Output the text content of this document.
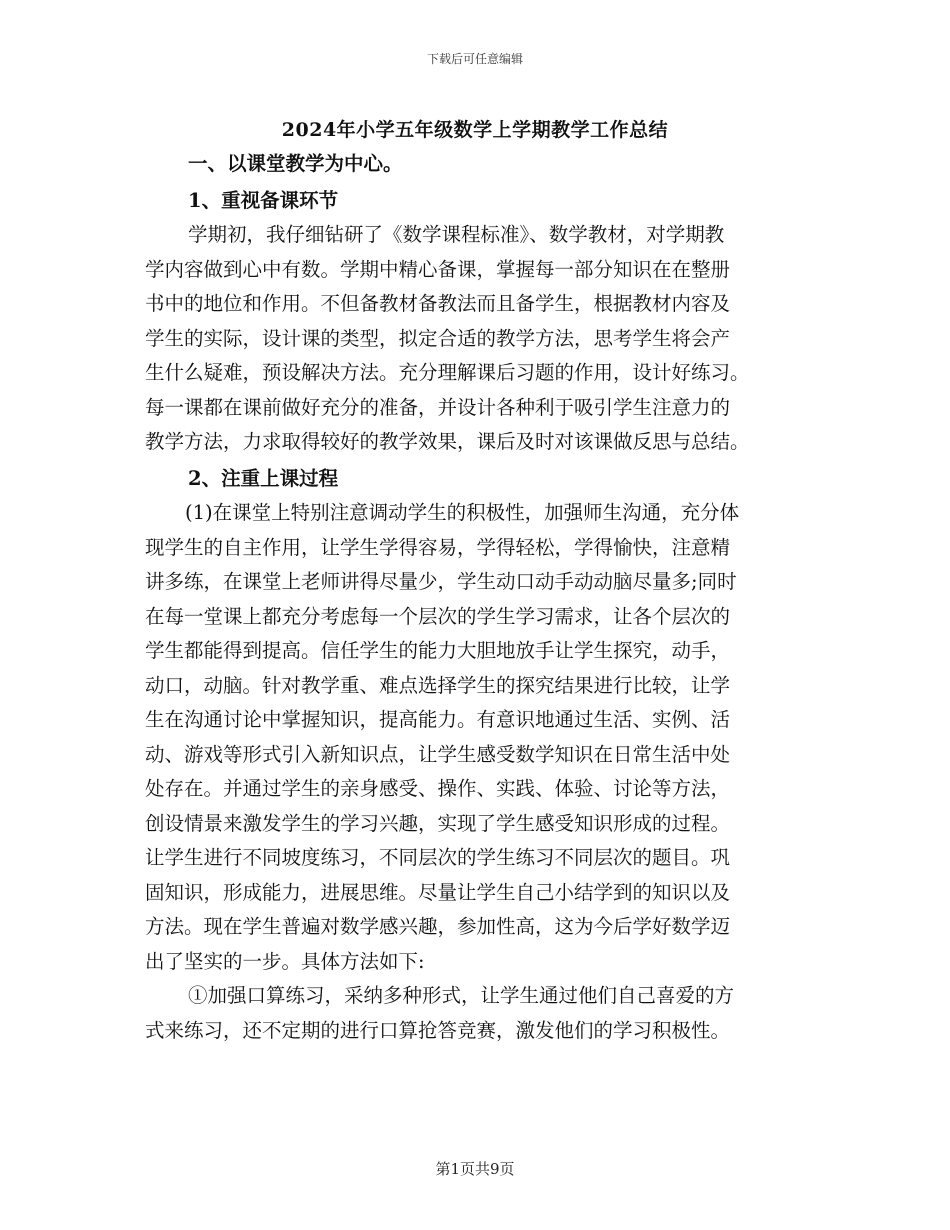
下载后可任意编辑
2024年小学五年级数学上学期教学工作总结
一、以课堂教学为中心。
1、重视备课环节
学期初，我仔细钻研了《数学课程标准》、数学教材，对学期教
学内容做到心中有数。学期中精心备课，掌握每一部分知识在在整册
书中的地位和作用。不但备教材备教法而且备学生，根据教材内容及
学生的实际，设计课的类型，拟定合适的教学方法，思考学生将会产
生什么疑难，预设解决方法。充分理解课后习题的作用，设计好练习。
每一课都在课前做好充分的准备，并设计各种利于吸引学生注意力的
教学方法，力求取得较好的教学效果，课后及时对该课做反思与总结。
2、注重上课过程
(1)在课堂上特别注意调动学生的积极性，加强师生沟通，充分体
现学生的自主作用，让学生学得容易，学得轻松，学得愉快，注意精
讲多练，在课堂上老师讲得尽量少，学生动口动手动动脑尽量多;同时
在每一堂课上都充分考虑每一个层次的学生学习需求，让各个层次的
学生都能得到提高。信任学生的能力大胆地放手让学生探究，动手，
动口，动脑。针对教学重、难点选择学生的探究结果进行比较，让学
生在沟通讨论中掌握知识，提高能力。有意识地通过生活、实例、活
动、游戏等形式引入新知识点，让学生感受数学知识在日常生活中处
处存在。并通过学生的亲身感受、操作、实践、体验、讨论等方法，
创设情景来激发学生的学习兴趣，实现了学生感受知识形成的过程。
让学生进行不同坡度练习，不同层次的学生练习不同层次的题目。巩
固知识，形成能力，进展思维。尽量让学生自己小结学到的知识以及
方法。现在学生普遍对数学感兴趣，参加性高，这为今后学好数学迈
出了坚实的一步。具体方法如下:
①加强口算练习，采纳多种形式，让学生通过他们自己喜爱的方
式来练习，还不定期的进行口算抢答竞赛，激发他们的学习积极性。
第1页共9页
